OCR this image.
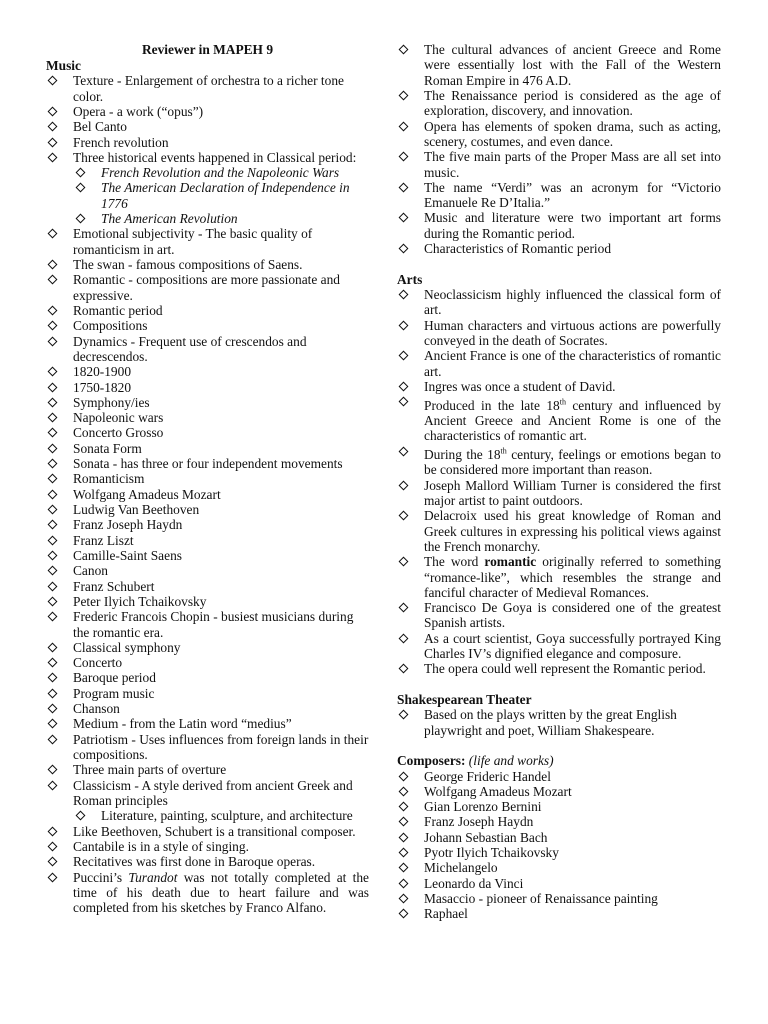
Reviewer in MAPEH 9
Music
Texture - Enlargement of orchestra to a richer tone color.
Opera - a work (“opus”)
Bel Canto
French revolution
Three historical events happened in Classical period:
French Revolution and the Napoleonic Wars
The American Declaration of Independence in 1776
The American Revolution
Emotional subjectivity - The basic quality of romanticism in art.
The swan - famous compositions of Saens.
Romantic - compositions are more passionate and expressive.
Romantic period
Compositions
Dynamics - Frequent use of crescendos and decrescendos.
1820-1900
1750-1820
Symphony/ies
Napoleonic wars
Concerto Grosso
Sonata Form
Sonata - has three or four independent movements
Romanticism
Wolfgang Amadeus Mozart
Ludwig Van Beethoven
Franz Joseph Haydn
Franz Liszt
Camille-Saint Saens
Canon
Franz Schubert
Peter Ilyich Tchaikovsky
Frederic Francois Chopin - busiest musicians during the romantic era.
Classical symphony
Concerto
Baroque period
Program music
Chanson
Medium - from the Latin word “medius”
Patriotism - Uses influences from foreign lands in their compositions.
Three main parts of overture
Classicism - A style derived from ancient Greek and Roman principles
Literature, painting, sculpture, and architecture
Like Beethoven, Schubert is a transitional composer.
Cantabile is in a style of singing.
Recitatives was first done in Baroque operas.
Puccini’s Turandot was not totally completed at the time of his death due to heart failure and was completed from his sketches by Franco Alfano.
The cultural advances of ancient Greece and Rome were essentially lost with the Fall of the Western Roman Empire in 476 A.D.
The Renaissance period is considered as the age of exploration, discovery, and innovation.
Opera has elements of spoken drama, such as acting, scenery, costumes, and even dance.
The five main parts of the Proper Mass are all set into music.
The name “Verdi” was an acronym for “Victorio Emanuele Re D’Italia.”
Music and literature were two important art forms during the Romantic period.
Characteristics of Romantic period
Arts
Neoclassicism highly influenced the classical form of art.
Human characters and virtuous actions are powerfully conveyed in the death of Socrates.
Ancient France is one of the characteristics of romantic art.
Ingres was once a student of David.
Produced in the late 18th century and influenced by Ancient Greece and Ancient Rome is one of the characteristics of romantic art.
During the 18th century, feelings or emotions began to be considered more important than reason.
Joseph Mallord William Turner is considered the first major artist to paint outdoors.
Delacroix used his great knowledge of Roman and Greek cultures in expressing his political views against the French monarchy.
The word romantic originally referred to something “romance-like”, which resembles the strange and fanciful character of Medieval Romances.
Francisco De Goya is considered one of the greatest Spanish artists.
As a court scientist, Goya successfully portrayed King Charles IV’s dignified elegance and composure.
The opera could well represent the Romantic period.
Shakespearean Theater
Based on the plays written by the great English playwright and poet, William Shakespeare.
Composers: (life and works)
George Frideric Handel
Wolfgang Amadeus Mozart
Gian Lorenzo Bernini
Franz Joseph Haydn
Johann Sebastian Bach
Pyotr Ilyich Tchaikovsky
Michelangelo
Leonardo da Vinci
Masaccio - pioneer of Renaissance painting
Raphael
